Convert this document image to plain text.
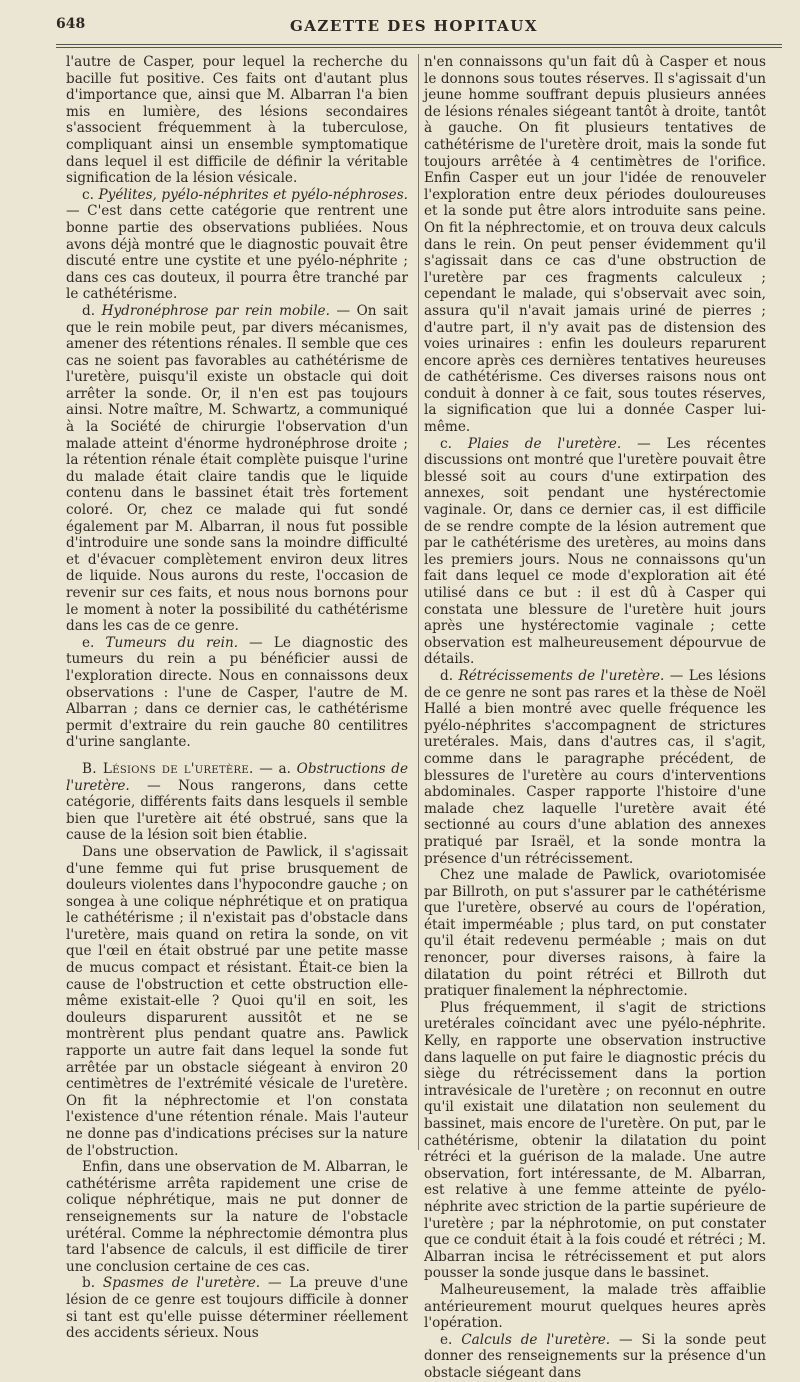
648	GAZETTE DES HOPITAUX

l'autre de Casper, pour lequel la recherche du bacille fut positive. Ces faits ont d'autant plus d'importance que, ainsi que M. Albarran l'a bien mis en lumière, des lésions secondaires s'associent fréquemment à la tuberculose, compliquant ainsi un ensemble symptomatique dans lequel il est difficile de définir la véritable signification de la lésion vésicale.

c. Pyélites, pyélo-néphrites et pyélo-néphroses. — C'est dans cette catégorie que rentrent une bonne partie des observations publiées. Nous avons déjà montré que le diagnostic pouvait être discuté entre une cystite et une pyélo-néphrite ; dans ces cas douteux, il pourra être tranché par le cathétérisme.

d. Hydronéphrose par rein mobile. — On sait que le rein mobile peut, par divers mécanismes, amener des rétentions rénales. Il semble que ces cas ne soient pas favorables au cathétérisme de l'uretère, puisqu'il existe un obstacle qui doit arrêter la sonde. Or, il n'en est pas toujours ainsi. Notre maître, M. Schwartz, a communiqué à la Société de chirurgie l'observation d'un malade atteint d'énorme hydronéphrose droite ; la rétention rénale était complète puisque l'urine du malade était claire tandis que le liquide contenu dans le bassinet était très fortement coloré. Or, chez ce malade qui fut sondé également par M. Albarran, il nous fut possible d'introduire une sonde sans la moindre difficulté et d'évacuer complètement environ deux litres de liquide. Nous aurons du reste, l'occasion de revenir sur ces faits, et nous nous bornons pour le moment à noter la possibilité du cathétérisme dans les cas de ce genre.

e. Tumeurs du rein. — Le diagnostic des tumeurs du rein a pu bénéficier aussi de l'exploration directe. Nous en connaissons deux observations : l'une de Casper, l'autre de M. Albarran ; dans ce dernier cas, le cathétérisme permit d'extraire du rein gauche 80 centilitres d'urine sanglante.

B. Lésions de l'uretère. — a. Obstructions de l'uretère. — Nous rangerons, dans cette catégorie, différents faits dans lesquels il semble bien que l'uretère ait été obstrué, sans que la cause de la lésion soit bien établie.

Dans une observation de Pawlick, il s'agissait d'une femme qui fut prise brusquement de douleurs violentes dans l'hypocondre gauche ; on songea à une colique néphrétique et on pratiqua le cathétérisme ; il n'existait pas d'obstacle dans l'uretère, mais quand on retira la sonde, on vit que l'œil en était obstrué par une petite masse de mucus compact et résistant. Était-ce bien la cause de l'obstruction et cette obstruction elle-même existait-elle ? Quoi qu'il en soit, les douleurs disparurent aussitôt et ne se montrèrent plus pendant quatre ans. Pawlick rapporte un autre fait dans lequel la sonde fut arrêtée par un obstacle siégeant à environ 20 centimètres de l'extrémité vésicale de l'uretère. On fit la néphrectomie et l'on constata l'existence d'une rétention rénale. Mais l'auteur ne donne pas d'indications précises sur la nature de l'obstruction.

Enfin, dans une observation de M. Albarran, le cathétérisme arrêta rapidement une crise de colique néphrétique, mais ne put donner de renseignements sur la nature de l'obstacle urétéral. Comme la néphrectomie démontra plus tard l'absence de calculs, il est difficile de tirer une conclusion certaine de ces cas.

b. Spasmes de l'uretère. — La preuve d'une lésion de ce genre est toujours difficile à donner si tant est qu'elle puisse déterminer réellement des accidents sérieux. Nous

n'en connaissons qu'un fait dû à Casper et nous le donnons sous toutes réserves. Il s'agissait d'un jeune homme souffrant depuis plusieurs années de lésions rénales siégeant tantôt à droite, tantôt à gauche. On fit plusieurs tentatives de cathétérisme de l'uretère droit, mais la sonde fut toujours arrêtée à 4 centimètres de l'orifice. Enfin Casper eut un jour l'idée de renouveler l'exploration entre deux périodes douloureuses et la sonde put être alors introduite sans peine. On fit la néphrectomie, et on trouva deux calculs dans le rein. On peut penser évidemment qu'il s'agissait dans ce cas d'une obstruction de l'uretère par ces fragments calculeux ; cependant le malade, qui s'observait avec soin, assura qu'il n'avait jamais uriné de pierres ; d'autre part, il n'y avait pas de distension des voies urinaires : enfin les douleurs reparurent encore après ces dernières tentatives heureuses de cathétérisme. Ces diverses raisons nous ont conduit à donner à ce fait, sous toutes réserves, la signification que lui a donnée Casper lui-même.

c. Plaies de l'uretère. — Les récentes discussions ont montré que l'uretère pouvait être blessé soit au cours d'une extirpation des annexes, soit pendant une hystérectomie vaginale. Or, dans ce dernier cas, il est difficile de se rendre compte de la lésion autrement que par le cathétérisme des uretères, au moins dans les premiers jours. Nous ne connaissons qu'un fait dans lequel ce mode d'exploration ait été utilisé dans ce but : il est dû à Casper qui constata une blessure de l'uretère huit jours après une hystérectomie vaginale ; cette observation est malheureusement dépourvue de détails.

d. Rétrécissements de l'uretère. — Les lésions de ce genre ne sont pas rares et la thèse de Noël Hallé a bien montré avec quelle fréquence les pyélo-néphrites s'accompagnent de strictures uretérales. Mais, dans d'autres cas, il s'agit, comme dans le paragraphe précédent, de blessures de l'uretère au cours d'interventions abdominales. Casper rapporte l'histoire d'une malade chez laquelle l'uretère avait été sectionné au cours d'une ablation des annexes pratiqué par Israël, et la sonde montra la présence d'un rétrécissement.

Chez une malade de Pawlick, ovariotomisée par Billroth, on put s'assurer par le cathétérisme que l'uretère, observé au cours de l'opération, était imperméable ; plus tard, on put constater qu'il était redevenu perméable ; mais on dut renoncer, pour diverses raisons, à faire la dilatation du point rétréci et Billroth dut pratiquer finalement la néphrectomie.

Plus fréquemment, il s'agit de strictions uretérales coïncidant avec une pyélo-néphrite. Kelly, en rapporte une observation instructive dans laquelle on put faire le diagnostic précis du siège du rétrécissement dans la portion intravésicale de l'uretère ; on reconnut en outre qu'il existait une dilatation non seulement du bassinet, mais encore de l'uretère. On put, par le cathétérisme, obtenir la dilatation du point rétréci et la guérison de la malade. Une autre observation, fort intéressante, de M. Albarran, est relative à une femme atteinte de pyélo-néphrite avec striction de la partie supérieure de l'uretère ; par la néphrotomie, on put constater que ce conduit était à la fois coudé et rétréci ; M. Albarran incisa le rétrécissement et put alors pousser la sonde jusque dans le bassinet.

Malheureusement, la malade très affaiblie antérieurement mourut quelques heures après l'opération.

e. Calculs de l'uretère. — Si la sonde peut donner des renseignements sur la présence d'un obstacle siégeant dans
